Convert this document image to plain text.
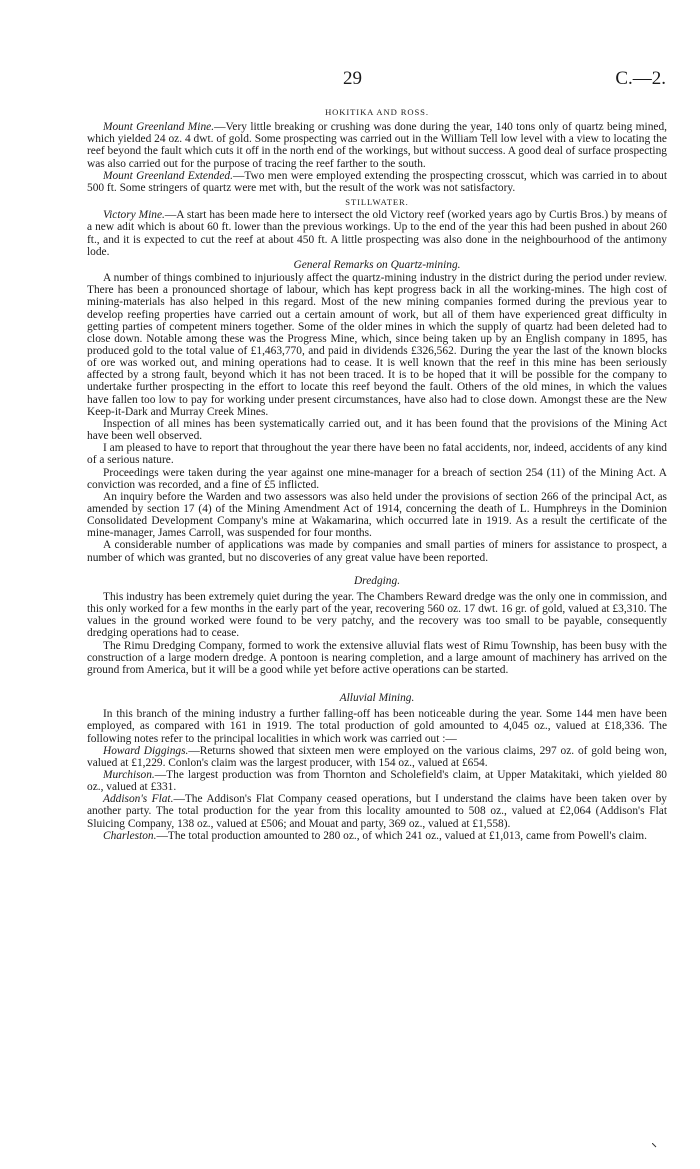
29	C.—2.
HOKITIKA AND ROSS.

Mount Greenland Mine.—Very little breaking or crushing was done during the year, 140 tons only of quartz being mined, which yielded 24 oz. 4 dwt. of gold. Some prospecting was carried out in the William Tell low level with a view to locating the reef beyond the fault which cuts it off in the north end of the workings, but without success. A good deal of surface prospecting was also carried out for the purpose of tracing the reef farther to the south.

Mount Greenland Extended.—Two men were employed extending the prospecting crosscut, which was carried in to about 500 ft. Some stringers of quartz were met with, but the result of the work was not satisfactory.

STILLWATER.

Victory Mine.—A start has been made here to intersect the old Victory reef (worked years ago by Curtis Bros.) by means of a new adit which is about 60 ft. lower than the previous workings. Up to the end of the year this had been pushed in about 260 ft., and it is expected to cut the reef at about 450 ft. A little prospecting was also done in the neighbourhood of the antimony lode.

General Remarks on Quartz-mining.

A number of things combined to injuriously affect the quartz-mining industry in the district during the period under review. There has been a pronounced shortage of labour, which has kept progress back in all the working-mines. The high cost of mining-materials has also helped in this regard. Most of the new mining companies formed during the previous year to develop reefing properties have carried out a certain amount of work, but all of them have experienced great difficulty in getting parties of competent miners together. Some of the older mines in which the supply of quartz had been deleted had to close down. Notable among these was the Progress Mine, which, since being taken up by an English company in 1895, has produced gold to the total value of £1,463,770, and paid in dividends £326,562. During the year the last of the known blocks of ore was worked out, and mining operations had to cease. It is well known that the reef in this mine has been seriously affected by a strong fault, beyond which it has not been traced. It is to be hoped that it will be possible for the company to undertake further prospecting in the effort to locate this reef beyond the fault. Others of the old mines, in which the values have fallen too low to pay for working under present circumstances, have also had to close down. Amongst these are the New Keep-it-Dark and Murray Creek Mines.

Inspection of all mines has been systematically carried out, and it has been found that the provisions of the Mining Act have been well observed.

I am pleased to have to report that throughout the year there have been no fatal accidents, nor, indeed, accidents of any kind of a serious nature.

Proceedings were taken during the year against one mine-manager for a breach of section 254 (11) of the Mining Act. A conviction was recorded, and a fine of £5 inflicted.

An inquiry before the Warden and two assessors was also held under the provisions of section 266 of the principal Act, as amended by section 17 (4) of the Mining Amendment Act of 1914, concerning the death of L. Humphreys in the Dominion Consolidated Development Company's mine at Wakamarina, which occurred late in 1919. As a result the certificate of the mine-manager, James Carroll, was suspended for four months.

A considerable number of applications was made by companies and small parties of miners for assistance to prospect, a number of which was granted, but no discoveries of any great value have been reported.

Dredging.

This industry has been extremely quiet during the year. The Chambers Reward dredge was the only one in commission, and this only worked for a few months in the early part of the year, recovering 560 oz. 17 dwt. 16 gr. of gold, valued at £3,310. The values in the ground worked were found to be very patchy, and the recovery was too small to be payable, consequently dredging operations had to cease.

The Rimu Dredging Company, formed to work the extensive alluvial flats west of Rimu Township, has been busy with the construction of a large modern dredge. A pontoon is nearing completion, and a large amount of machinery has arrived on the ground from America, but it will be a good while yet before active operations can be started.

Alluvial Mining.

In this branch of the mining industry a further falling-off has been noticeable during the year. Some 144 men have been employed, as compared with 161 in 1919. The total production of gold amounted to 4,045 oz., valued at £18,336. The following notes refer to the principal localities in which work was carried out :—

Howard Diggings.—Returns showed that sixteen men were employed on the various claims, 297 oz. of gold being won, valued at £1,229. Conlon's claim was the largest producer, with 154 oz., valued at £654.

Murchison.—The largest production was from Thornton and Scholefield's claim, at Upper Matakitaki, which yielded 80 oz., valued at £331.

Addison's Flat.—The Addison's Flat Company ceased operations, but I understand the claims have been taken over by another party. The total production for the year from this locality amounted to 508 oz., valued at £2,064 (Addison's Flat Sluicing Company, 138 oz., valued at £506; and Mouat and party, 369 oz., valued at £1,558).

Charleston.—The total production amounted to 280 oz., of which 241 oz., valued at £1,013, came from Powell's claim.
